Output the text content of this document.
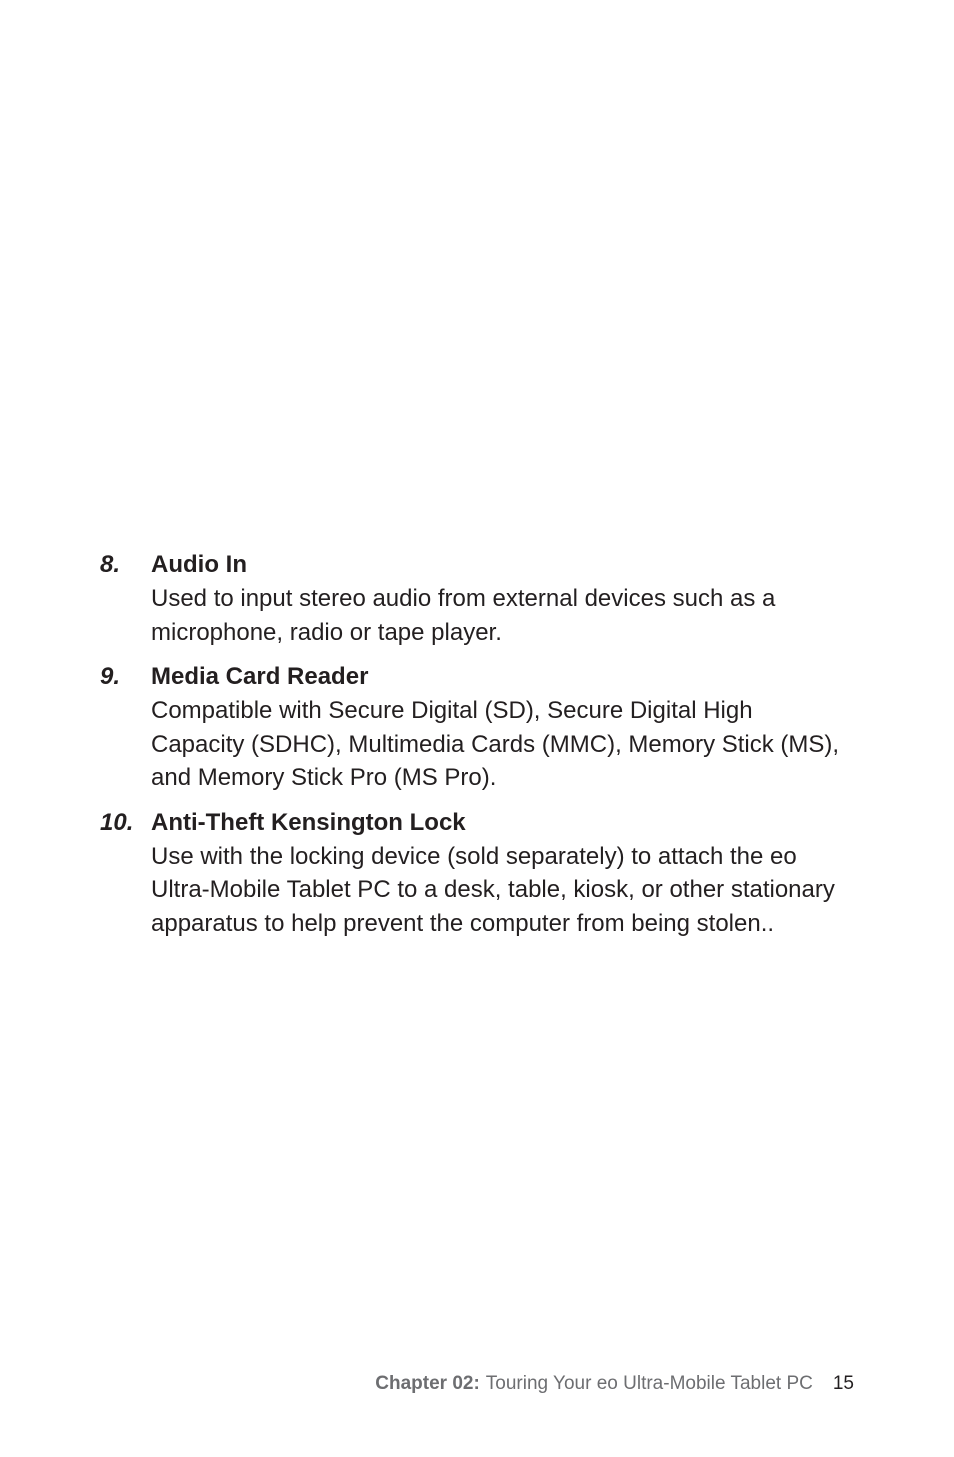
8. Audio In
Used to input stereo audio from external devices such as a microphone, radio or tape player.
9. Media Card Reader
Compatible with Secure Digital (SD), Secure Digital High Capacity (SDHC), Multimedia Cards (MMC), Memory Stick (MS), and Memory Stick Pro (MS Pro).
10. Anti-Theft Kensington Lock
Use with the locking device (sold separately) to attach the eo Ultra-Mobile Tablet PC to a desk, table, kiosk, or other stationary apparatus to help prevent the computer from being stolen..
Chapter 02: Touring Your eo Ultra-Mobile Tablet PC 15
